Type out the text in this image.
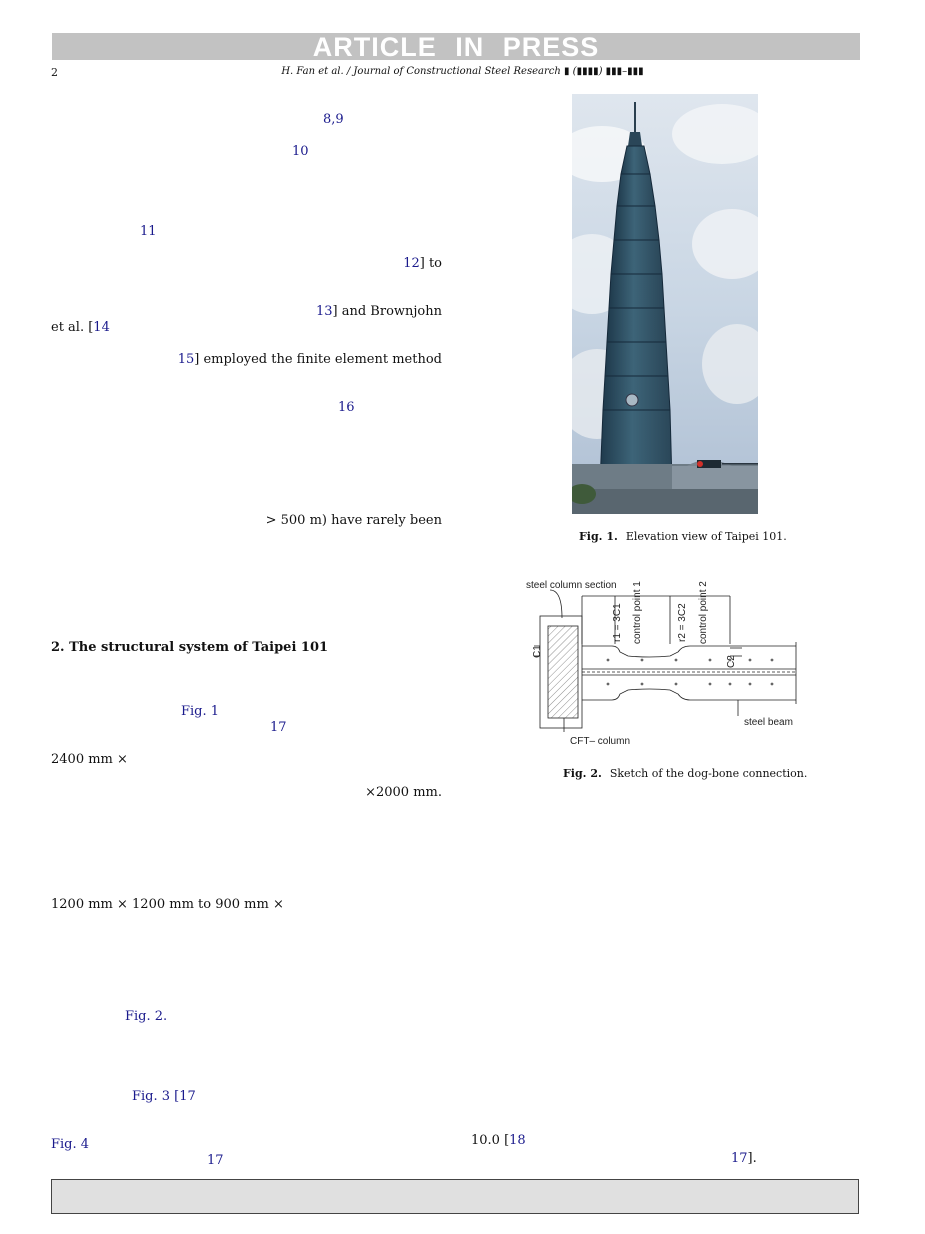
ARTICLE IN PRESS
2	H. Fan et al. / Journal of Constructional Steel Research ▮ (▮▮▮▮) ▮▮▮–▮▮▮
8,9
10
11
12] to
13] and Brownjohn
et al. [14
15] employed the finite element method
16
> 500 m) have rarely been
2. The structural system of Taipei 101
Fig. 1
17
2400 mm ×
×2000 mm.
1200 mm × 1200 mm to 900 mm ×
Fig. 2.
Fig. 3 [17
Fig. 4
17
10.0 [18
17].
Fig. 1. Elevation view of Taipei 101.
steel column section
r1 = 3C1 control point 1	r2 = 3C2 control point 2
C1
C2
steel beam
CFT– column
Fig. 2. Sketch of the dog-bone connection.
